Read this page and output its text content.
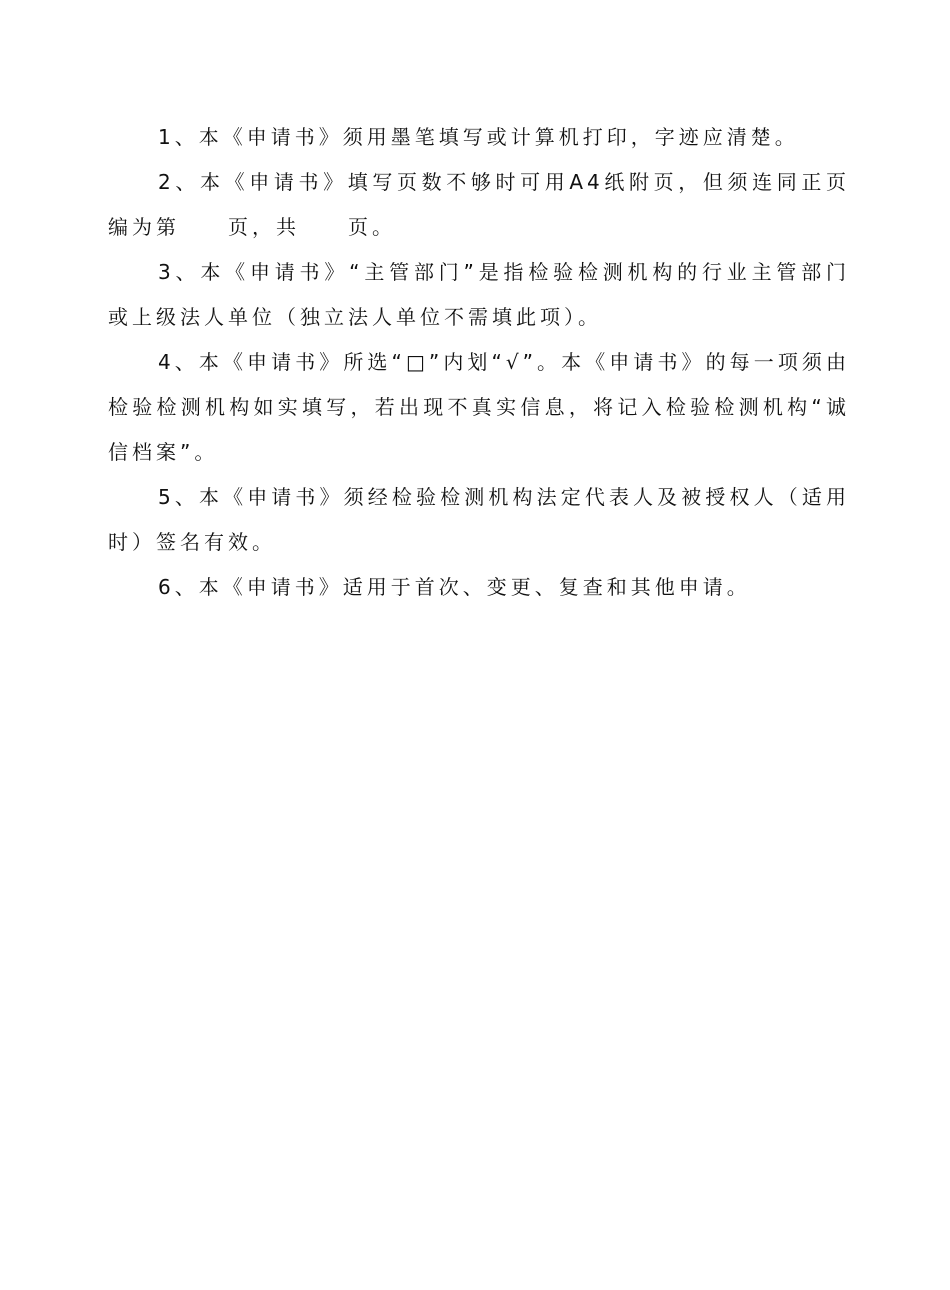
1、本《申请书》须用墨笔填写或计算机打印，字迹应清楚。

2、本《申请书》填写页数不够时可用A4纸附页，但须连同正页编为第　　页，共　　页。

3、本《申请书》“主管部门”是指检验检测机构的行业主管部门或上级法人单位（独立法人单位不需填此项）。

4、本《申请书》所选“□”内划“√”。本《申请书》的每一项须由检验检测机构如实填写，若出现不真实信息，将记入检验检测机构“诚信档案”。

5、本《申请书》须经检验检测机构法定代表人及被授权人（适用时）签名有效。

6、本《申请书》适用于首次、变更、复查和其他申请。
